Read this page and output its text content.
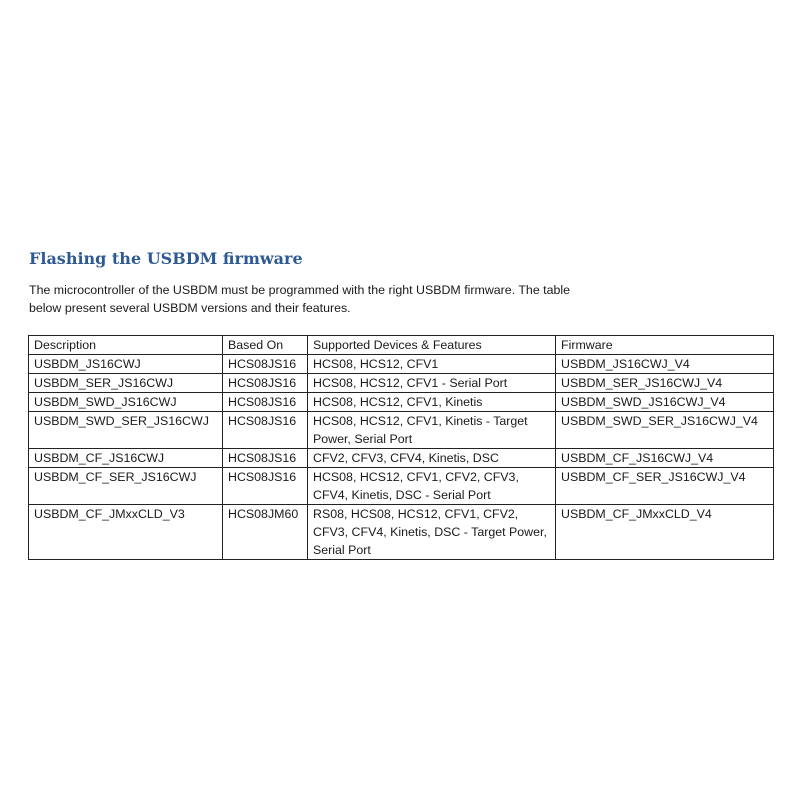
Flashing the USBDM firmware

The microcontroller of the USBDM must be programmed with the right USBDM firmware. The table
below present several USBDM versions and their features.

Description	Based On	Supported Devices & Features	Firmware
USBDM_JS16CWJ	HCS08JS16	HCS08, HCS12, CFV1	USBDM_JS16CWJ_V4
USBDM_SER_JS16CWJ	HCS08JS16	HCS08, HCS12, CFV1 - Serial Port	USBDM_SER_JS16CWJ_V4
USBDM_SWD_JS16CWJ	HCS08JS16	HCS08, HCS12, CFV1, Kinetis	USBDM_SWD_JS16CWJ_V4
USBDM_SWD_SER_JS16CWJ	HCS08JS16	HCS08, HCS12, CFV1, Kinetis - Target Power, Serial Port	USBDM_SWD_SER_JS16CWJ_V4
USBDM_CF_JS16CWJ	HCS08JS16	CFV2, CFV3, CFV4, Kinetis, DSC	USBDM_CF_JS16CWJ_V4
USBDM_CF_SER_JS16CWJ	HCS08JS16	HCS08, HCS12, CFV1, CFV2, CFV3, CFV4, Kinetis, DSC - Serial Port	USBDM_CF_SER_JS16CWJ_V4
USBDM_CF_JMxxCLD_V3	HCS08JM60	RS08, HCS08, HCS12, CFV1, CFV2, CFV3, CFV4, Kinetis, DSC - Target Power, Serial Port	USBDM_CF_JMxxCLD_V4
